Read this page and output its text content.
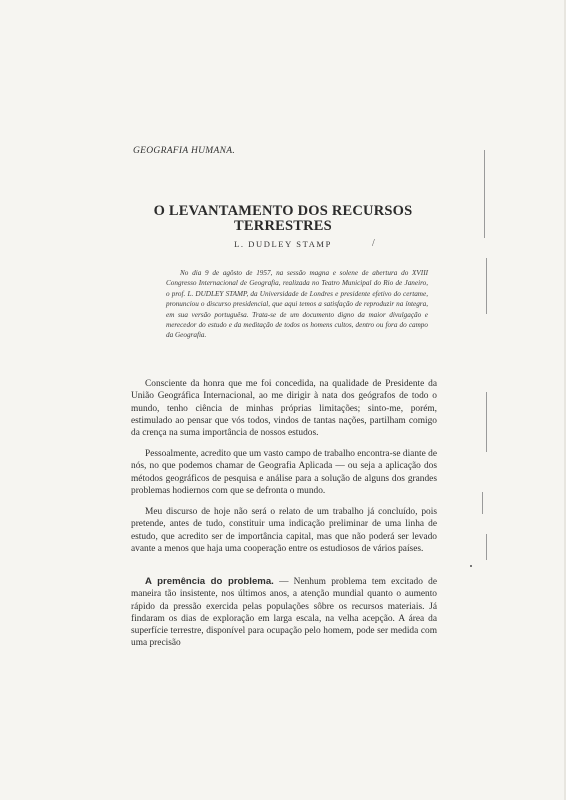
GEOGRAFIA HUMANA.
O LEVANTAMENTO DOS RECURSOS TERRESTRES
L. DUDLEY STAMP	/
No dia 9 de agôsto de 1957, na sessão magna e solene de abertura do XVIII Congresso Internacional de Geografia, realizada no Teatro Municipal do Rio de Janeiro, o prof. L. DUDLEY STAMP, da Universidade de Londres e presidente efetivo do certame, pronunciou o discurso presidencial, que aqui temos a satisfação de reproduzir na íntegra, em sua versão portuguêsa. Trata-se de um documento digno da maior divulgação e merecedor do estudo e da meditação de todos os homens cultos, dentro ou fora do campo da Geografia.

Consciente da honra que me foi concedida, na qualidade de Presidente da União Geográfica Internacional, ao me dirigir à nata dos geógrafos de todo o mundo, tenho ciência de minhas próprias limitações; sinto-me, porém, estimulado ao pensar que vós todos, vindos de tantas nações, partilham comigo da crença na suma importância de nossos estudos.

Pessoalmente, acredito que um vasto campo de trabalho encontra-se diante de nós, no que podemos chamar de Geografia Aplicada — ou seja a aplicação dos métodos geográficos de pesquisa e análise para a solução de alguns dos grandes problemas hodiernos com que se defronta o mundo.

Meu discurso de hoje não será o relato de um trabalho já concluído, pois pretende, antes de tudo, constituir uma indicação preliminar de uma linha de estudo, que acredito ser de importância capital, mas que não poderá ser levado avante a menos que haja uma cooperação entre os estudiosos de vários países.

A premência do problema. — Nenhum problema tem excitado de maneira tão insistente, nos últimos anos, a atenção mundial quanto o aumento rápido da pressão exercida pelas populações sôbre os recursos materiais. Já findaram os dias de exploração em larga escala, na velha acepção. A área da superfície terrestre, disponível para ocupação pelo homem, pode ser medida com uma precisão
